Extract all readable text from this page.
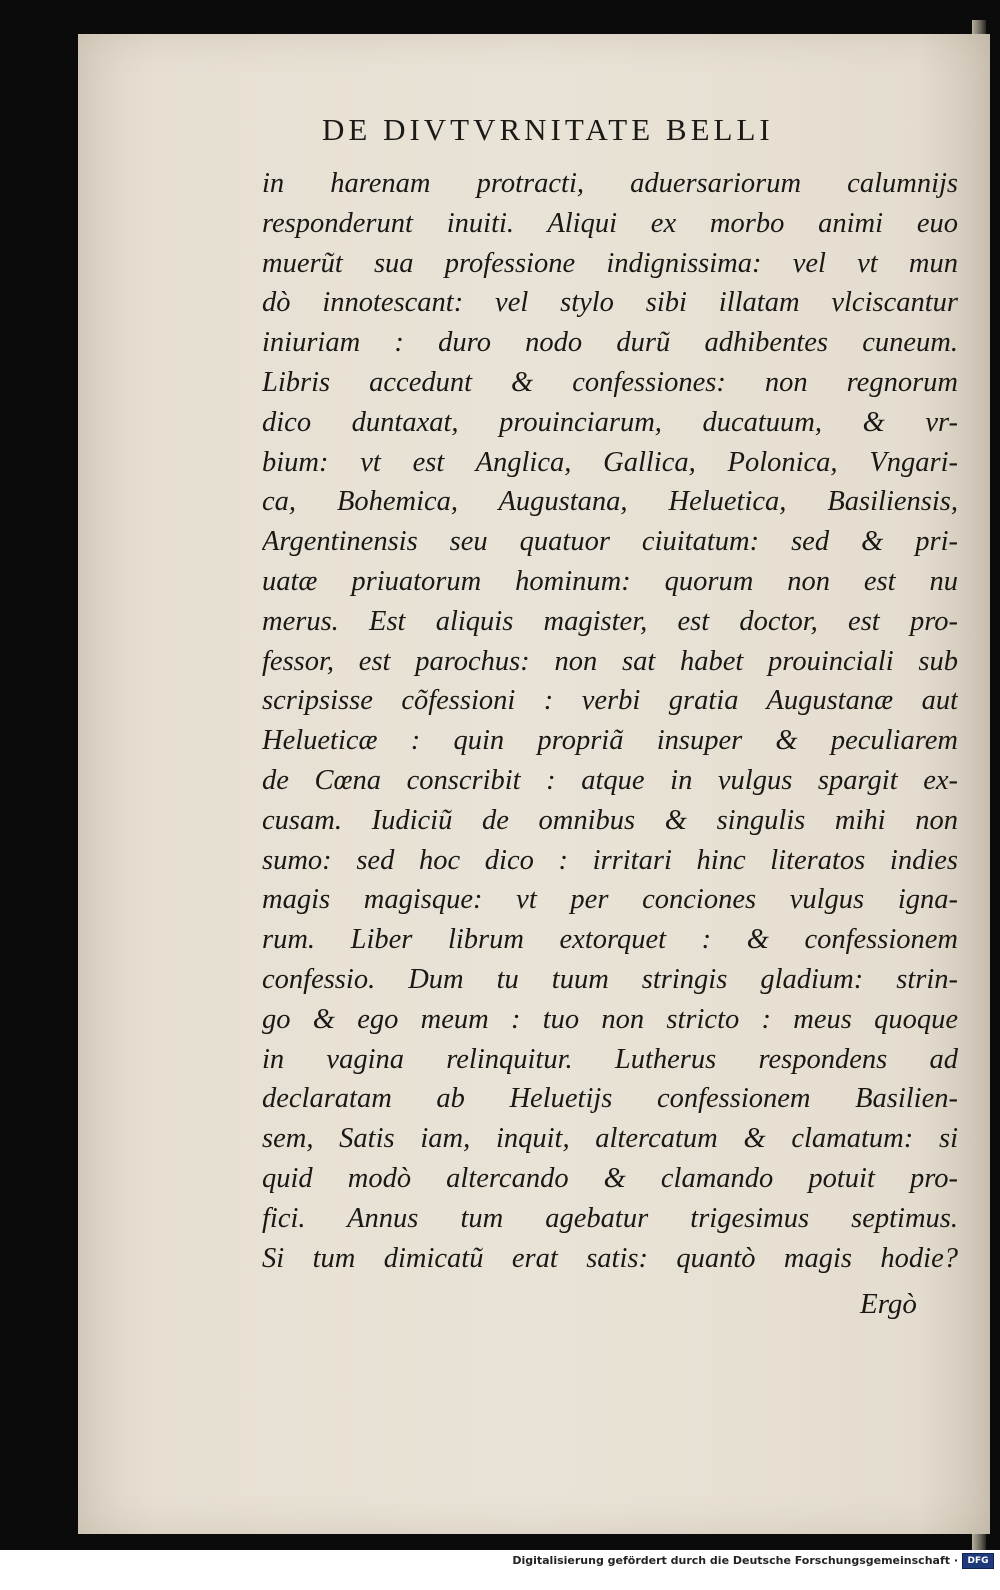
DE DIVTVRNITATE BELLI
in harenam protracti, aduersariorum calumnijs
responderunt inuiti. Aliqui ex morbo animi euo
muerũt sua professione indignissima: vel vt mun
dò innotescant: vel stylo sibi illatam vlciscantur
iniuriam : duro nodo durũ adhibentes cuneum.
Libris accedunt & confessiones: non regnorum
dico duntaxat, prouinciarum, ducatuum, & vr-
bium: vt est Anglica, Gallica, Polonica, Vngari-
ca, Bohemica, Augustana, Heluetica, Basiliensis,
Argentinensis seu quatuor ciuitatum: sed & pri-
uatæ priuatorum hominum: quorum non est nu
merus. Est aliquis magister, est doctor, est pro-
fessor, est parochus: non sat habet prouinciali sub
scripsisse cõfessioni : verbi gratia Augustanæ aut
Helueticæ : quin propriã insuper & peculiarem
de Cœna conscribit : atque in vulgus spargit ex-
cusam. Iudiciũ de omnibus & singulis mihi non
sumo: sed hoc dico : irritari hinc literatos indies
magis magisque: vt per conciones vulgus igna-
rum. Liber librum extorquet : & confessionem
confessio. Dum tu tuum stringis gladium: strin-
go & ego meum : tuo non stricto : meus quoque
in vagina relinquitur. Lutherus respondens ad
declaratam ab Heluetijs confessionem Basilien-
sem, Satis iam, inquit, altercatum & clamatum: si
quid modò altercando & clamando potuit pro-
fici. Annus tum agebatur trigesimus septimus.
Si tum dimicatũ erat satis: quantò magis hodie?
Ergò
Digitalisierung gefördert durch die Deutsche Forschungsgemeinschaft ·	DFG
